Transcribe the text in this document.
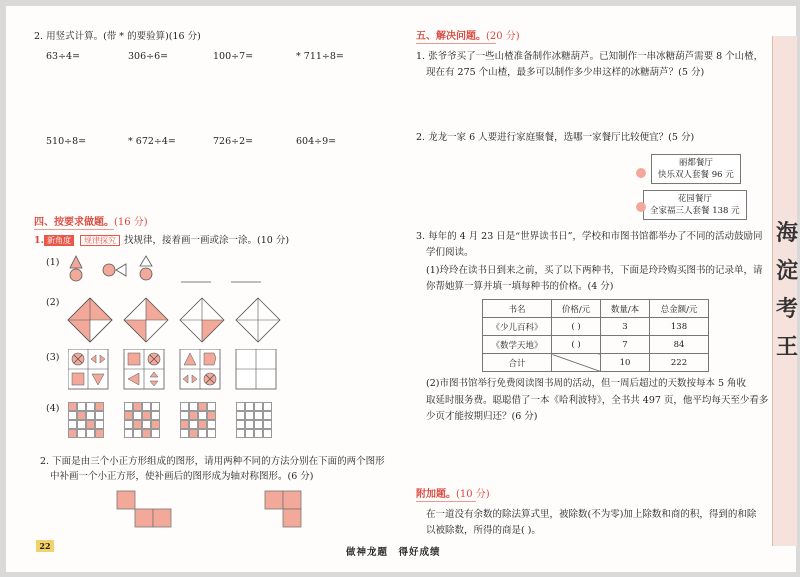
2. 用竖式计算。(带 * 的要验算)(16 分)
63÷4=	306÷6=	100÷7=	* 711÷8=
510÷8=	* 672÷4=	726÷2=	604÷9=
四、按要求做题。(16 分)
1. 新角度	规律探究 找规律，接着画一画或涂一涂。(10 分)
(1)
(2)
(3)
(4)
2. 下面是由三个小正方形组成的图形，请用两种不同的方法分别在下面的两个图形
中补画一个小正方形，使补画后的图形成为轴对称图形。(6 分)
五、解决问题。(20 分)
1. 张爷爷买了一些山楂准备制作冰糖葫芦。已知制作一串冰糖葫芦需要 8 个山楂，
现在有 275 个山楂，最多可以制作多少串这样的冰糖葫芦？(5 分)
2. 龙龙一家 6 人要进行家庭聚餐，选哪一家餐厅比较便宜？(5 分)
丽都餐厅
快乐双人套餐 96 元
花园餐厅
全家福三人套餐 138 元
3. 每年的 4 月 23 日是“世界读书日”，学校和市图书馆都举办了不同的活动鼓励同
学们阅读。
(1)玲玲在读书日到来之前，买了以下两种书，下面是玲玲购买图书的记录单，请
你帮她算一算并填一填每种书的价格。(4 分)
书名	价格/元	数量/本	总金额/元
《少儿百科》	( )	3	138
《数学天地》	( )	7	84
合计		10	222
(2)市图书馆举行免费阅读图书周的活动，但一周后超过的天数按每本 5 角收
取延时服务费。聪聪借了一本《哈利波特》，全书共 497 页，他平均每天至少看多
少页才能按期归还？(6 分)
附加题。(10 分)
在一道没有余数的除法算式里，被除数(不为零)加上除数和商的积，得到的和除
以被除数，所得的商是( )。
海
淀
考
王
22
做神龙题　得好成绩
